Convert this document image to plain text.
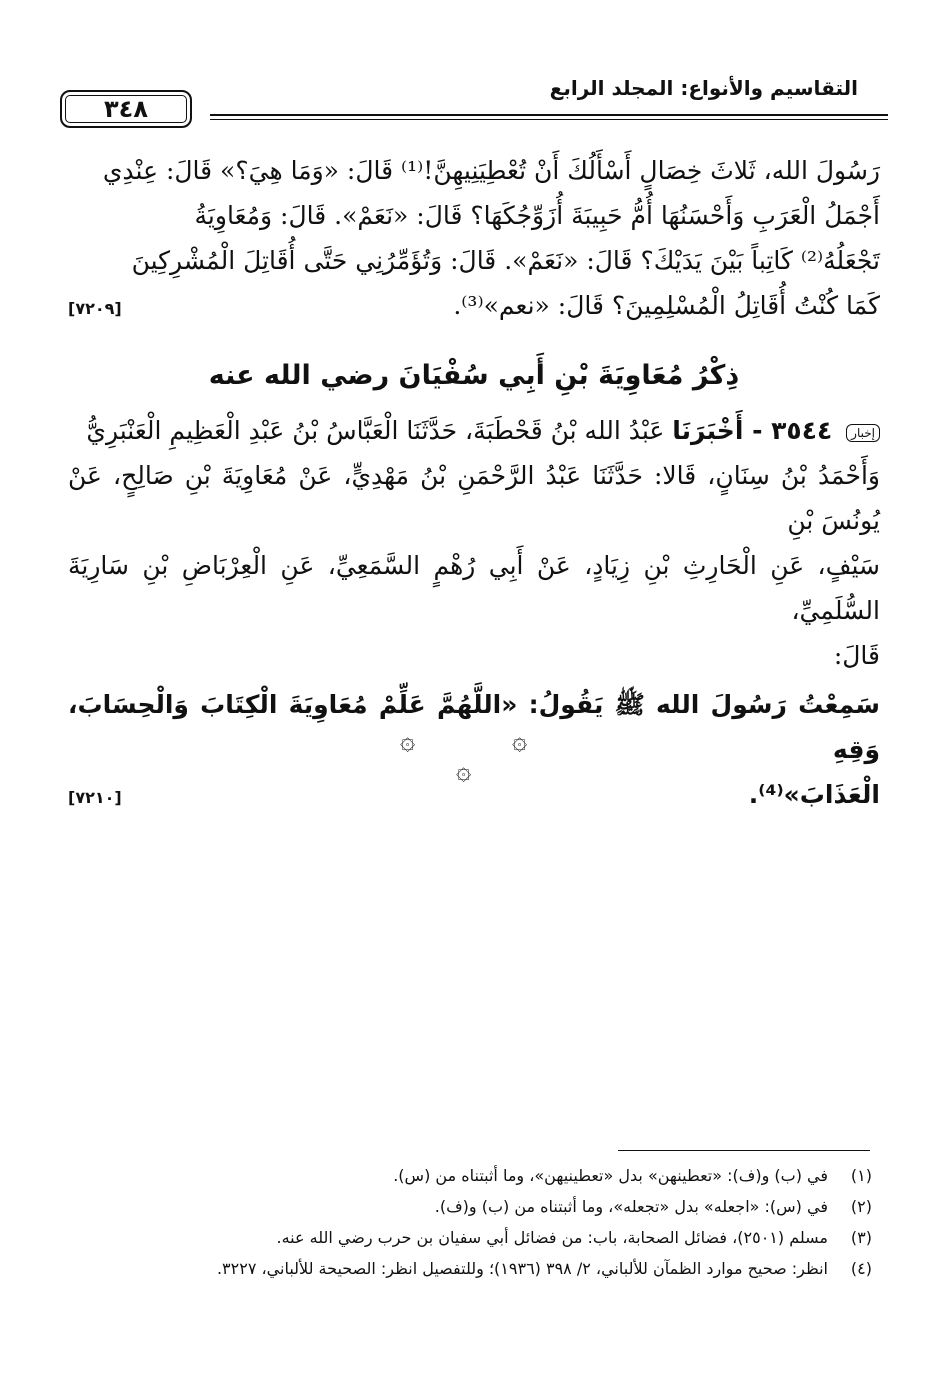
التقاسيم والأنواع: المجلد الرابع
٣٤٨

رَسُولَ الله، ثَلاثَ خِصَالٍ أَسْأَلُكَ أَنْ تُعْطِيَنِيهِنَّ!⁽¹⁾ قَالَ: «وَمَا هِيَ؟» قَالَ: عِنْدِي
أَجْمَلُ الْعَرَبِ وَأَحْسَنُهَا أُمُّ حَبِيبَةَ أُزَوِّجُكَهَا؟ قَالَ: «نَعَمْ». قَالَ: وَمُعَاوِيَةُ
تَجْعَلُهُ⁽²⁾ كَاتِباً بَيْنَ يَدَيْكَ؟ قَالَ: «نَعَمْ». قَالَ: وَتُؤَمِّرُنِي حَتَّى أُقَاتِلَ الْمُشْرِكِينَ

[٧٢٠٩]	كَمَا كُنْتُ أُقَاتِلُ الْمُسْلِمِينَ؟ قَالَ: «نعم»⁽³⁾.
ذِكْرُ مُعَاوِيَةَ بْنِ أَبِي سُفْيَانَ رضي الله عنه

إخبار ٣٥٤٤ - أَخْبَرَنَا عَبْدُ الله بْنُ قَحْطَبَةَ، حَدَّثَنَا الْعَبَّاسُ بْنُ عَبْدِ الْعَظِيمِ الْعَنْبَرِيُّ
وَأَحْمَدُ بْنُ سِنَانٍ، قَالا: حَدَّثَنَا عَبْدُ الرَّحْمَنِ بْنُ مَهْدِيٍّ، عَنْ مُعَاوِيَةَ بْنِ صَالِحٍ، عَنْ يُونُسَ بْنِ
سَيْفٍ، عَنِ الْحَارِثِ بْنِ زِيَادٍ، عَنْ أَبِي رُهْمٍ السَّمَعِيِّ، عَنِ الْعِرْبَاضِ بْنِ سَارِيَةَ السُّلَمِيِّ،
قَالَ:

سَمِعْتُ رَسُولَ الله ﷺ يَقُولُ: «اللَّهُمَّ عَلِّمْ مُعَاوِيَةَ الْكِتَابَ وَالْحِسَابَ، وَقِهِ

[٧٢١٠]	الْعَذَابَ»⁽⁴⁾.
۞	۞
۞
(١)
في (ب) و(ف): «تعطينهن» بدل «تعطينيهن»، وما أثبتناه من (س).
(٢)
في (س): «اجعله» بدل «تجعله»، وما أثبتناه من (ب) و(ف).
(٣)
مسلم (٢٥٠١)، فضائل الصحابة، باب: من فضائل أبي سفيان بن حرب رضي الله عنه.
(٤)
انظر: صحيح موارد الظمآن للألباني، ٢/ ٣٩٨ (١٩٣٦)؛ وللتفصيل انظر: الصحيحة للألباني، ٣٢٢٧.
